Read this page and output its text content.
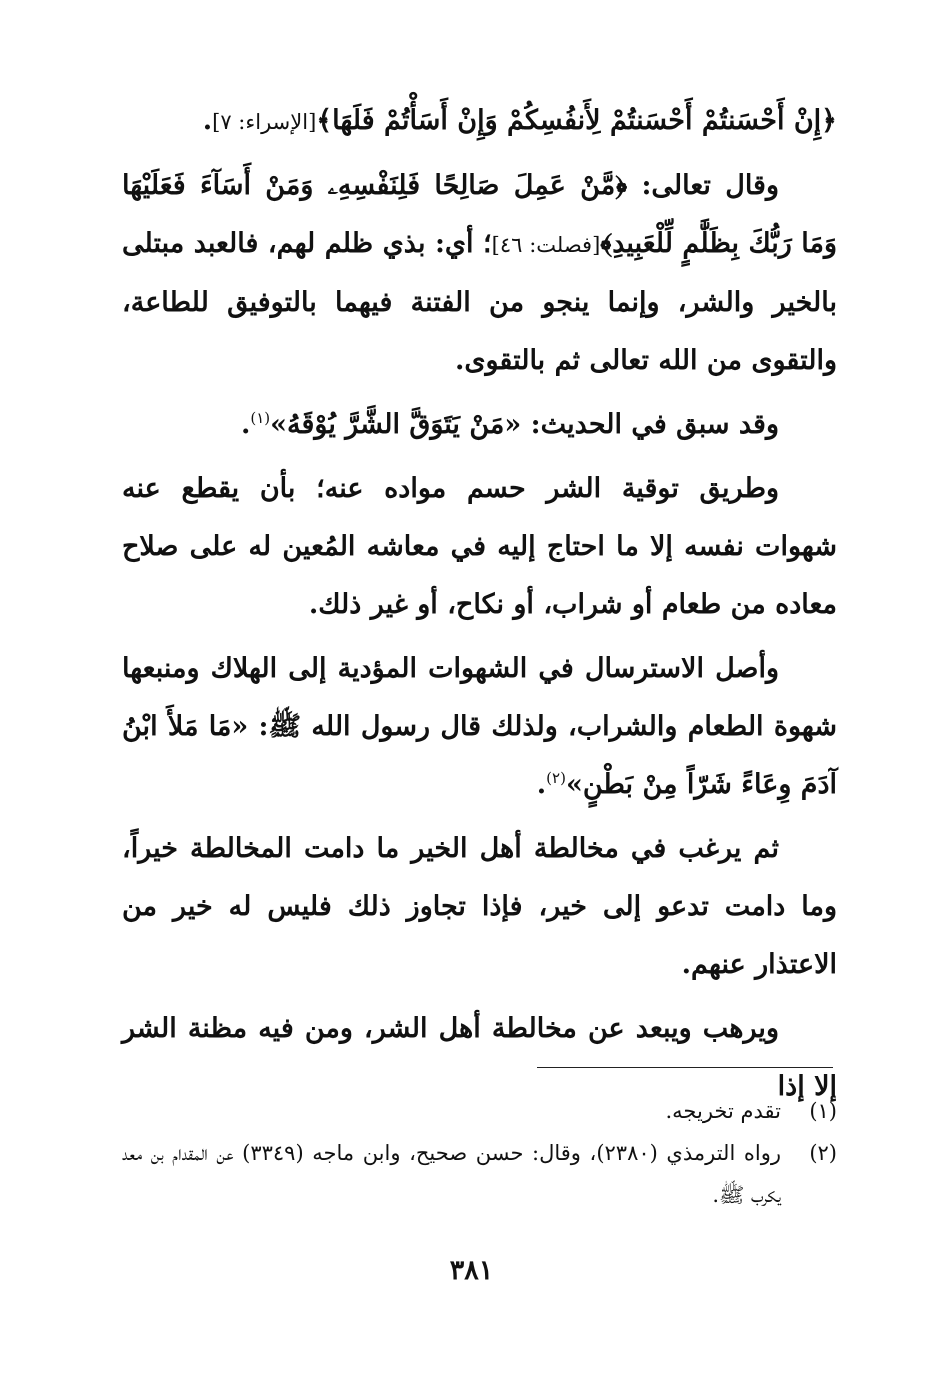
﴿إِنْ أَحْسَنتُمْ أَحْسَنتُمْ لِأَنفُسِكُمْ وَإِنْ أَسَأْتُمْ فَلَهَا﴾[الإسراء: ٧].

وقال تعالى: ﴿مَّنْ عَمِلَ صَالِحًا فَلِنَفْسِهِۦ وَمَنْ أَسَآءَ فَعَلَيْهَا وَمَا رَبُّكَ بِظَلَّٰمٍ لِّلْعَبِيدِ﴾[فصلت: ٤٦]؛ أي: بذي ظلم لهم، فالعبد مبتلى بالخير والشر، وإنما ينجو من الفتنة فيهما بالتوفيق للطاعة، والتقوى من الله تعالى ثم بالتقوى.

وقد سبق في الحديث: «مَنْ يَتَوَقَّ الشَّرَّ يُوْقَهُ»$^{(١)}$.

وطريق توقية الشر حسم مواده عنه؛ بأن يقطع عنه شهوات نفسه إلا ما احتاج إليه في معاشه المُعين له على صلاح معاده من طعام أو شراب، أو نكاح، أو غير ذلك.

وأصل الاسترسال في الشهوات المؤدية إلى الهلاك ومنبعها شهوة الطعام والشراب، ولذلك قال رسول الله ﷺ: «مَا مَلأَ ابْنُ آدَمَ وِعَاءً شَرّاً مِنْ بَطْنٍ»$^{(٢)}$.

ثم يرغب في مخالطة أهل الخير ما دامت المخالطة خيراً، وما دامت تدعو إلى خير، فإذا تجاوز ذلك فليس له خير من الاعتذار عنهم.

ويرهب ويبعد عن مخالطة أهل الشر، ومن فيه مظنة الشر إلا إذا

(١)
تقدم تخريجه.
(٢)
رواه الترمذي (٢٣٨٠)، وقال: حسن صحيح، وابن ماجه (٣٣٤٩) عن المقدام بن معد يكرب ﷺ.
٣٨١
